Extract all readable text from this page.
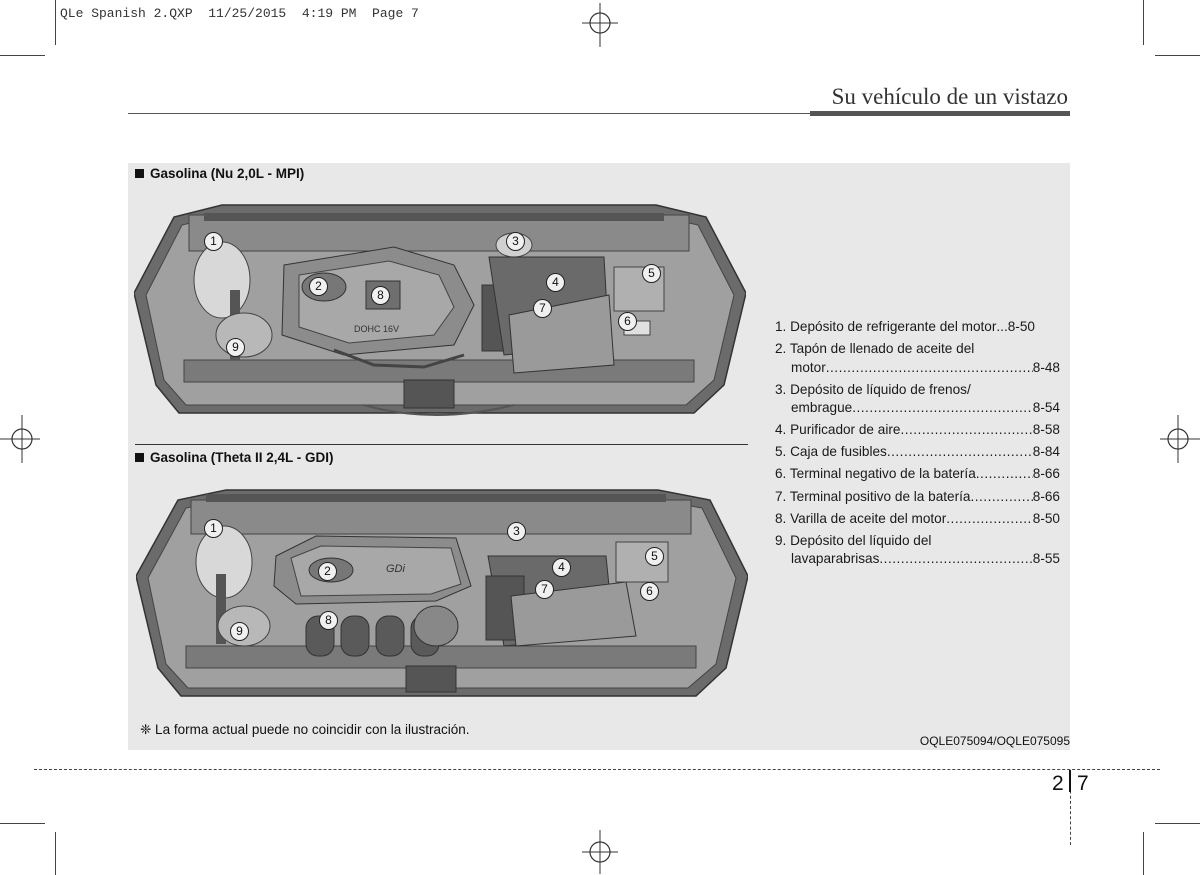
QLe Spanish 2.QXP  11/25/2015  4:19 PM  Page 7
Su vehículo de un vistazo
Gasolina (Nu 2,0L - MPI)
DOHC 16V
1
2
3
4
5
6
7
8
9
Gasolina (Theta II 2,4L - GDI)
GDi
1
2
3
4
5
6
7
8
9
1. Depósito de refrigerante del motor ... 8-50
2. Tapón de llenado de aceite del
motor .....	8-48
3. Depósito de líquido de frenos/
embrague .....	8-54
4. Purificador de aire .....	8-58
5. Caja de fusibles .....	8-84
6. Terminal negativo de la batería .....	8-66
7. Terminal positivo de la batería .....	8-66
8. Varilla de aceite del motor .....	8-50
9. Depósito del líquido del
lavaparabrisas .....	8-55
❈ La forma actual puede no coincidir con la ilustración.
OQLE075094/OQLE075095
2 7
